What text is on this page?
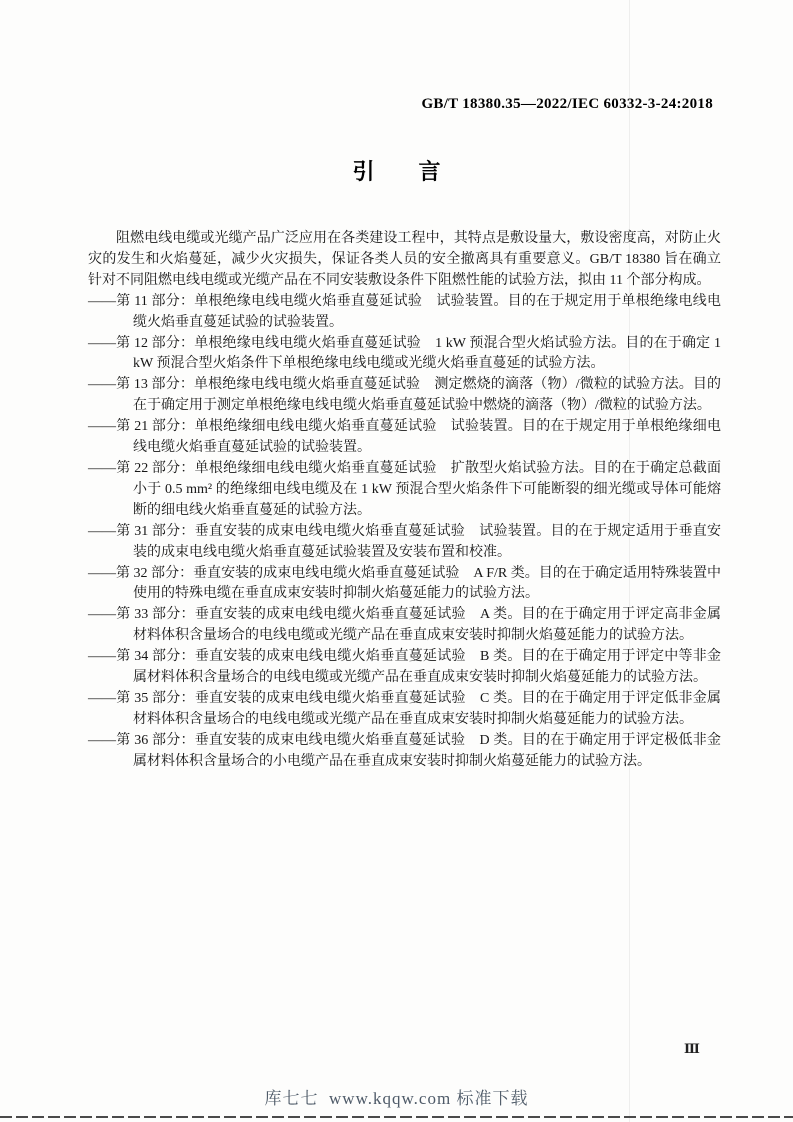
GB/T 18380.35—2022/IEC 60332-3-24:2018
引　　言

阻燃电线电缆或光缆产品广泛应用在各类建设工程中，其特点是敷设量大，敷设密度高，对防止火灾的发生和火焰蔓延，减少火灾损失，保证各类人员的安全撤离具有重要意义。GB/T 18380 旨在确立针对不同阻燃电线电缆或光缆产品在不同安装敷设条件下阻燃性能的试验方法，拟由 11 个部分构成。

——第 11 部分：单根绝缘电线电缆火焰垂直蔓延试验　试验装置。目的在于规定用于单根绝缘电线电缆火焰垂直蔓延试验的试验装置。

——第 12 部分：单根绝缘电线电缆火焰垂直蔓延试验　1 kW 预混合型火焰试验方法。目的在于确定 1 kW 预混合型火焰条件下单根绝缘电线电缆或光缆火焰垂直蔓延的试验方法。

——第 13 部分：单根绝缘电线电缆火焰垂直蔓延试验　测定燃烧的滴落（物）/微粒的试验方法。目的在于确定用于测定单根绝缘电线电缆火焰垂直蔓延试验中燃烧的滴落（物）/微粒的试验方法。

——第 21 部分：单根绝缘细电线电缆火焰垂直蔓延试验　试验装置。目的在于规定用于单根绝缘细电线电缆火焰垂直蔓延试验的试验装置。

——第 22 部分：单根绝缘细电线电缆火焰垂直蔓延试验　扩散型火焰试验方法。目的在于确定总截面小于 0.5 mm² 的绝缘细电线电缆及在 1 kW 预混合型火焰条件下可能断裂的细光缆或导体可能熔断的细电线火焰垂直蔓延的试验方法。

——第 31 部分：垂直安装的成束电线电缆火焰垂直蔓延试验　试验装置。目的在于规定适用于垂直安装的成束电线电缆火焰垂直蔓延试验装置及安装布置和校准。

——第 32 部分：垂直安装的成束电线电缆火焰垂直蔓延试验　A F/R 类。目的在于确定适用特殊装置中使用的特殊电缆在垂直成束安装时抑制火焰蔓延能力的试验方法。

——第 33 部分：垂直安装的成束电线电缆火焰垂直蔓延试验　A 类。目的在于确定用于评定高非金属材料体积含量场合的电线电缆或光缆产品在垂直成束安装时抑制火焰蔓延能力的试验方法。

——第 34 部分：垂直安装的成束电线电缆火焰垂直蔓延试验　B 类。目的在于确定用于评定中等非金属材料体积含量场合的电线电缆或光缆产品在垂直成束安装时抑制火焰蔓延能力的试验方法。

——第 35 部分：垂直安装的成束电线电缆火焰垂直蔓延试验　C 类。目的在于确定用于评定低非金属材料体积含量场合的电线电缆或光缆产品在垂直成束安装时抑制火焰蔓延能力的试验方法。

——第 36 部分：垂直安装的成束电线电缆火焰垂直蔓延试验　D 类。目的在于确定用于评定极低非金属材料体积含量场合的小电缆产品在垂直成束安装时抑制火焰蔓延能力的试验方法。

Ⅲ
库七七  www.kqqw.com 标准下载
